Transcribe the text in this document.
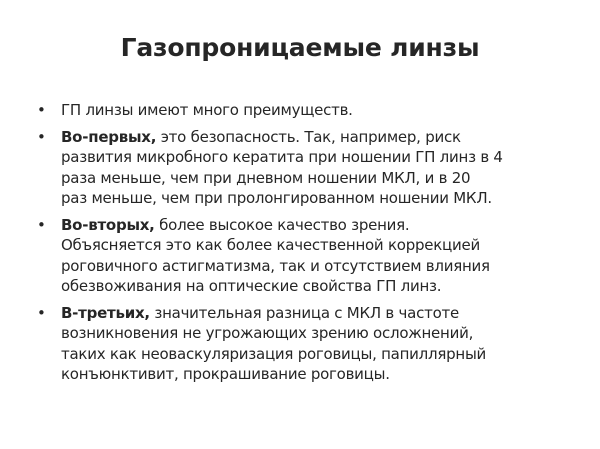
Газопроницаемые линзы
• ГП линзы имеют много преимуществ.
• Во-первых, это безопасность. Так, например, риск
развития микробного кератита при ношении ГП линз в 4
раза меньше, чем при дневном ношении МКЛ, и в 20
раз меньше, чем при пролонгированном ношении МКЛ.
• Во-вторых, более высокое качество зрения.
Объясняется это как более качественной коррекцией
роговичного астигматизма, так и отсутствием влияния
обезвоживания на оптические свойства ГП линз.
• В-третьих, значительная разница с МКЛ в частоте
возникновения не угрожающих зрению осложнений,
таких как неоваскуляризация роговицы, папиллярный
конъюнктивит, прокрашивание роговицы.
